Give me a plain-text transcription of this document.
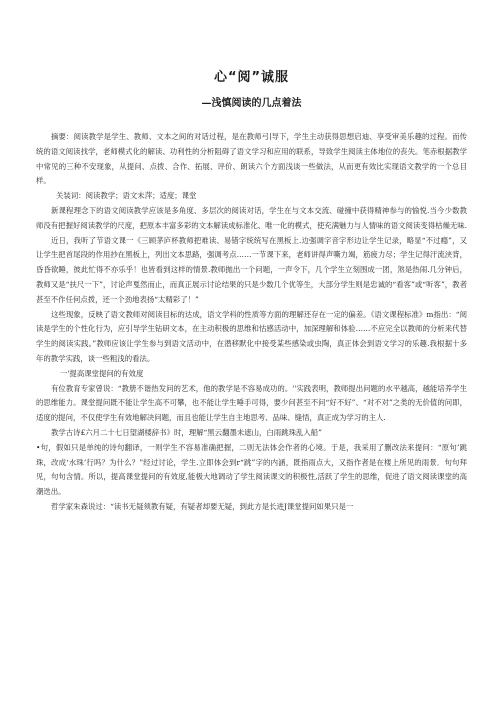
心“阅”诚服
—浅慎阅读的几点着法

摘要：阅读教学是学生、教师、文本之间的对话过程，是在教师弓∣导下，学生主动获得思想启迪、享受审美乐趣的过程。而传统的语文阅读找学，老师模式化的解读、功利性的分析阻碍了语文学习和应用的联系，导致学生阅读主体地位的丧失。笔赤根据教学中常见的三种不安现象，从提问、点拨、合作、拓展、评价、朗读六个方面浅谈一些做法，从而更有效比实现语文教学的一个总目样。

关装词：阅读教学；语文未萍；适度；课堂

新课程理念下的语文阅读教学应该是多角度、多层次的阅读对话，学生在与文本交流、碰撞中获得精神参与的愉悦.当今少数教师没有把握好阅读教学的尺度，把原本丰富多彩的文本解读成标准化、唯一化的模式，使充满魅力与人情味的语文阅读变得枯燥无味.

近日，我听了节语文课一《三顾茅庐杯教师把难读、易错字统统写在黑板上.边强调字音字形边让学生记录，略显“不过瘾”，又让学生把首尾段的作用抄在黑板上，列出文本思路，强调考点……一节课下来，老师讲得声嘶力竭，筋疲力尽；学生记得汗流浃背，昏昏欲睡，彼此忙得不亦乐乎！也皆看到这样的情景.教师抛出一个问题，一声令下，几个学生立刻围成一团，煞是热闹.几分钟后，教师又是“扶尺一下”，讨论声戛然而止，而真正展示讨论结果的只是少数几个优等生，大部分学生则是忠诚的“看客”或“听客”，教者甚至不作任何点拨，还一个劲地表扬“太精彩了！”

这些现象，反映了语文教师对阅读目标的达成，语文学科的性质等方面的理解还存在一定的偏差。《语文课程标准》m指出：“阅读是学生的个性化行为，应引导学生钻研文本，在主动积极的思维和怙感活动中，加深理解和体验……不应完全以教师的分析来代替学生的阅读实践。”教师应该让学生参与到语文活动中，在潜移默化中接受某些感染或虫陶，真正体会到语文学习的乐趣.我根据十多年的教学实践，谈一些粗浅的看法。

一'提高课堂提问的有效度

有位教育专家曾说：“教册不谐热发问的艺术，他的教学是不容易成功的。''实践表明，教师提出问题的水平越高，越能培养学生的思维能力。课堂提问既不能让学生高不可攀，也不能让学生唾手可得，要少问甚至不问“好不好”、“对不对”之类的无价值的问即，适度的提问，不仅使学生有效地解决问题，而且也能让学生自主地思考、品味、缝悟，真正成为学习的主人.

教学古诗£六月二十七日望湖楼辞书》时，理解“黑云翻墨未遮山，白雨跳珠乱入船”

•句，假如只是单纯的诗句翻译，一则学生不容易准确把握，二则无法体会作者的心境。于是，我采用了删改法来提问：“原句’跳珠，改成‘水珠’行吗？为什么？”经过讨论，学生.立即体会到r“跳”字的内涵，既指雨点大，又指作者是在楼上所见的雨景．句句拜见，句句含情。所以，提高课堂提问的有效度,能极大地调动了学生阅读课文的积极性,活跃了学生的思维，促进了语文阅读课堂的高潮迭出。

哲学家朱森说过：“读书无疑须教有疑，有疑者却要无疑，到此方是长进J课堂提问如果只是一
